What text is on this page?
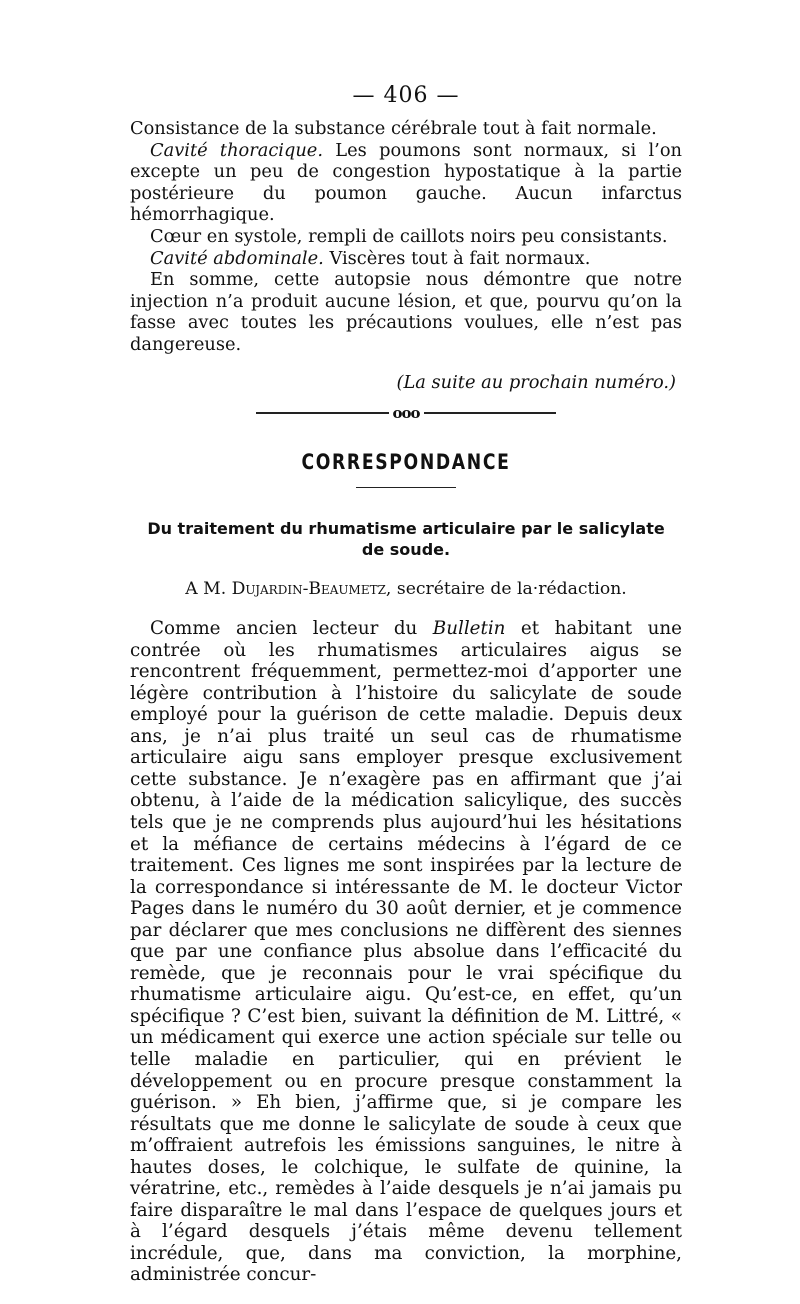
— 406 —

Consistance de la substance cérébrale tout à fait normale.

Cavité thoracique. Les poumons sont normaux, si l’on excepte un peu de congestion hypostatique à la partie postérieure du poumon gauche. Aucun infarctus hémorrhagique.

Cœur en systole, rempli de caillots noirs peu consistants.

Cavité abdominale. Viscères tout à fait normaux.

En somme, cette autopsie nous démontre que notre injection n’a produit aucune lésion, et que, pourvu qu’on la fasse avec toutes les précautions voulues, elle n’est pas dangereuse.

(La suite au prochain numéro.)
ooo
CORRESPONDANCE
Du traitement du rhumatisme articulaire par le salicylate de soude.
A M. Dujardin-Beaumetz, secrétaire de la·rédaction.

Comme ancien lecteur du Bulletin et habitant une contrée où les rhumatismes articulaires aigus se rencontrent fréquemment, permettez-moi d’apporter une légère contribution à l’histoire du salicylate de soude employé pour la guérison de cette maladie. Depuis deux ans, je n’ai plus traité un seul cas de rhumatisme articulaire aigu sans employer presque exclusivement cette substance. Je n’exagère pas en affirmant que j’ai obtenu, à l’aide de la médication salicylique, des succès tels que je ne comprends plus aujourd’hui les hésitations et la méfiance de certains médecins à l’égard de ce traitement. Ces lignes me sont inspirées par la lecture de la correspondance si intéressante de M. le docteur Victor Pages dans le numéro du 30 août dernier, et je commence par déclarer que mes conclusions ne diffèrent des siennes que par une confiance plus absolue dans l’efficacité du remède, que je reconnais pour le vrai spécifique du rhumatisme articulaire aigu. Qu’est-ce, en effet, qu’un spécifique ? C’est bien, suivant la définition de M. Littré, « un médicament qui exerce une action spéciale sur telle ou telle maladie en particulier, qui en prévient le développement ou en procure presque constamment la guérison. » Eh bien, j’affirme que, si je compare les résultats que me donne le salicylate de soude à ceux que m’offraient autrefois les émissions sanguines, le nitre à hautes doses, le colchique, le sulfate de quinine, la vératrine, etc., remèdes à l’aide desquels je n’ai jamais pu faire disparaître le mal dans l’espace de quelques jours et à l’égard desquels j’étais même devenu tellement incrédule, que, dans ma conviction, la morphine, administrée concur-
